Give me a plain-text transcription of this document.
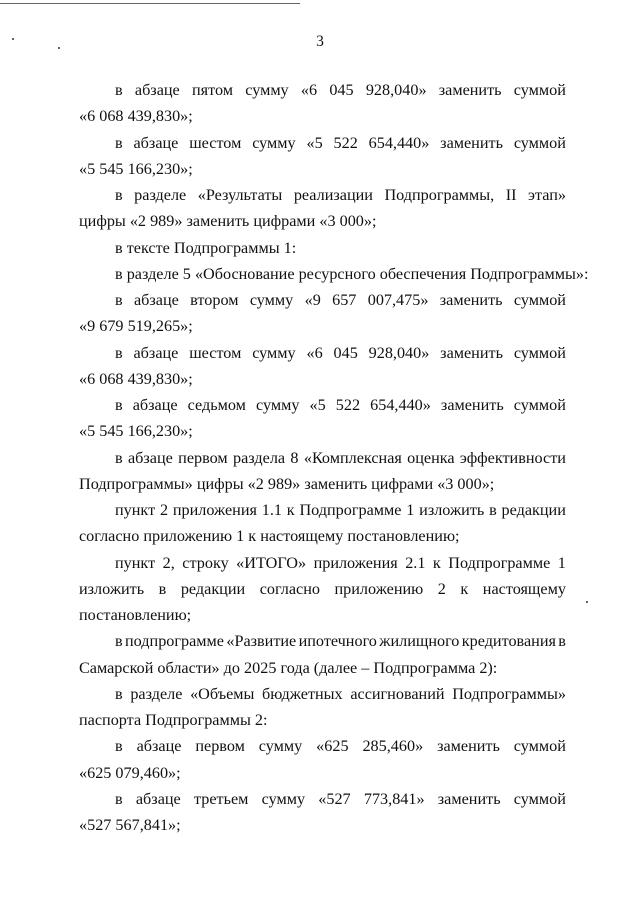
3
в абзаце пятом сумму «6 045 928,040» заменить суммой
«6 068 439,830»;
в абзаце шестом сумму «5 522 654,440» заменить суммой
«5 545 166,230»;
в разделе «Результаты реализации Подпрограммы, II этап»
цифры «2 989» заменить цифрами «3 000»;
в тексте Подпрограммы 1:
в разделе 5 «Обоснование ресурсного обеспечения Подпрограммы»:
в абзаце втором сумму «9 657 007,475» заменить суммой
«9 679 519,265»;
в абзаце шестом сумму «6 045 928,040» заменить суммой
«6 068 439,830»;
в абзаце седьмом сумму «5 522 654,440» заменить суммой
«5 545 166,230»;
в абзаце первом раздела 8 «Комплексная оценка эффективности
Подпрограммы» цифры «2 989» заменить цифрами «3 000»;
пункт 2 приложения 1.1 к Подпрограмме 1 изложить в редакции
согласно приложению 1 к настоящему постановлению;
пункт 2, строку «ИТОГО» приложения 2.1 к Подпрограмме 1
изложить в редакции согласно приложению 2 к настоящему
постановлению;
в подпрограмме «Развитие ипотечного жилищного кредитования в
Самарской области» до 2025 года (далее – Подпрограмма 2):
в разделе «Объемы бюджетных ассигнований Подпрограммы»
паспорта Подпрограммы 2:
в абзаце первом сумму «625 285,460» заменить суммой
«625 079,460»;
в абзаце третьем сумму «527 773,841» заменить суммой
«527 567,841»;
